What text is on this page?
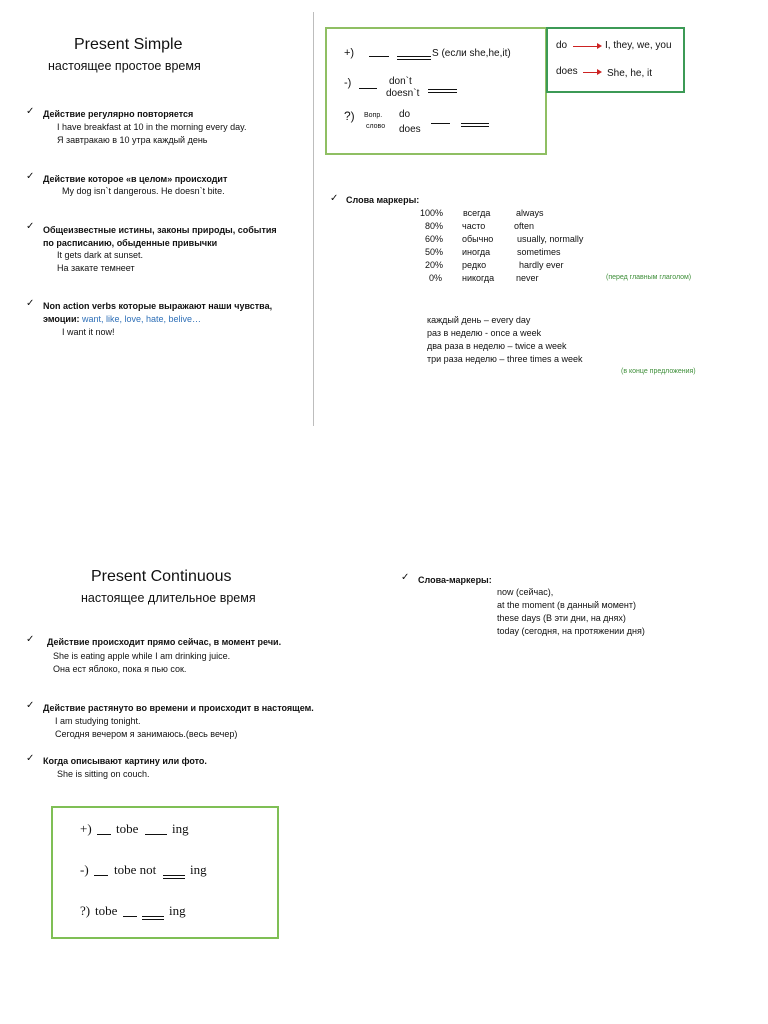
Present Simple
настоящее простое время
✓ Действие регулярно повторяется
I have breakfast at 10 in the morning every day.
Я завтракаю в 10 утра каждый день
✓ Действие которое «в целом» происходит
My dog isn`t dangerous. He doesn`t bite.
✓ Общеизвестные истины, законы природы, события
по расписанию, обыденные привычки
It gets dark at sunset.
На закате темнеет
✓ Non action verbs которые выражают наши чувства,
эмоции: want, like, love, hate, belive…
I want it now!
+)	S (если she,he,it)
-)	don`t
doesn`t
?) Вопр.
слово
do
does
do	I, they, we, you
does	She, he, it
✓ Слова маркеры:
100% всегда	always
80% часто	often
60% обычно	usually, normally
50% иногда	sometimes
20% редко	hardly ever
0% никогда never	(перед главным глаголом)
каждый день – every day
раз в неделю - once a week
два раза в неделю – twice a week
три раза неделю – three times a week
(в конце предложения)
Present Continuous
настоящее длительное время
✓ Действие происходит прямо сейчас, в момент речи.
She is eating apple while I am drinking juice.
Она ест яблоко, пока я пью сок.
✓ Действие растянуто во времени и происходит в настоящем.
I am studying tonight.
Сегодня вечером я занимаюсь.(весь вечер)
✓ Когда описывают картину или фото.
She is sitting on couch.
+) tobe	ing
-) tobe not	ing
?) tobe	ing
✓ Слова-маркеры:
now (сейчас),
at the moment (в данный момент)
these days (В эти дни, на днях)
today (сегодня, на протяжении дня)
